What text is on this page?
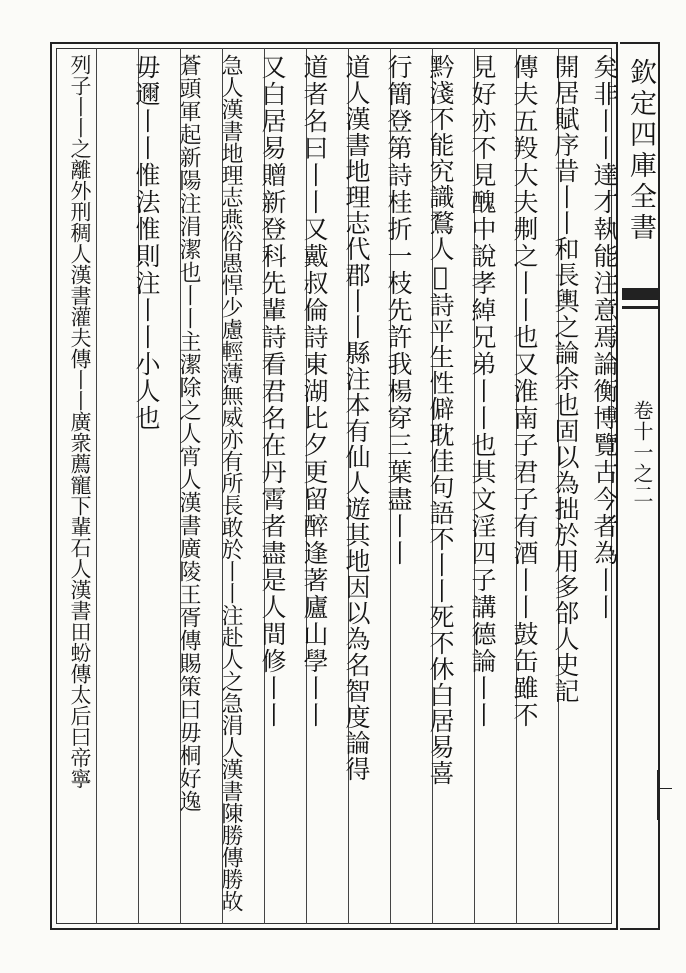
欽定四庫全書
卷十一之二
矣非丨丨達才執能注意焉論衡博覽古今者為丨丨
開居賦序昔丨丨和長輿之論余也固以為拙於用多郃人史記
傳夫五羖大夫刜之丨丨也又淮南子君子有酒丨丨鼓缶雖不
見好亦不見醜中說孝綽兄弟丨丨也其文淫四子講德論丨丨
黔淺不能究識鶩人𥘿詩平生性僻耽佳句語不丨丨死不休白居易喜
行簡登第詩桂折一枝先許我楊穿三葉盡丨丨
道人漢書地理志代郡丨丨縣注本有仙人遊其地因以為名智度論得
道者名曰丨丨又戴叔倫詩東湖比夕更留醉逢著廬山學丨丨
又白居易贈新登科先輩詩看君名在丹霄者盡是人間修丨丨
急人漢書地理志燕俗愚悍少慮輕薄無威亦有所長敢於丨丨注赴人之急涓人漢書陳勝傳勝故
蒼頭軍起新陽注涓潔也丨丨主潔除之人宵人漢書廣陵王胥傳賜策曰毋桐好逸
毋邇丨丨惟法惟則注丨丨小人也
列子丨丨之離外刑稠人漢書灌夫傳丨丨廣衆薦寵下輩石人漢書田蚡傳太后曰帝寧
